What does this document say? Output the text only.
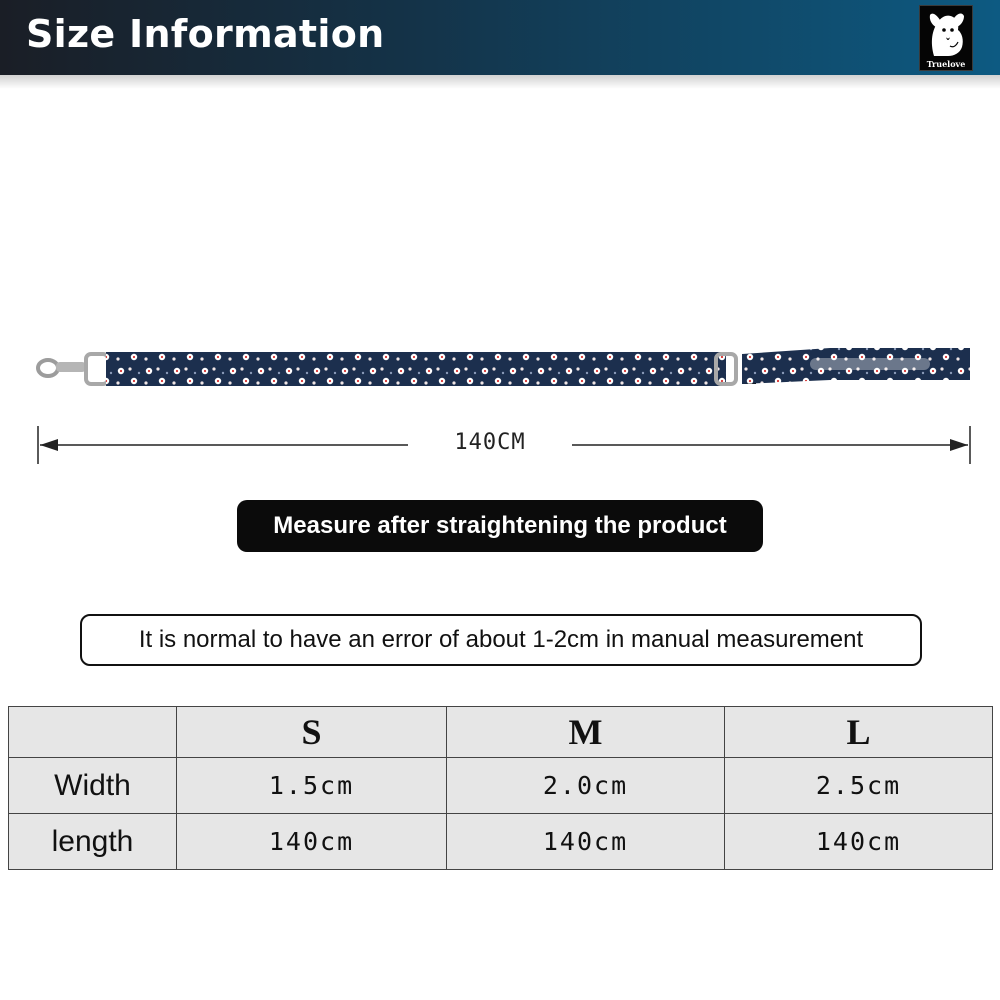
Size Information
Truelove
140CM
Measure after straightening the product
It is normal to have an error of about 1-2cm in manual measurement
	S	M	L
Width	1.5cm	2.0cm	2.5cm
length	140cm	140cm	140cm
